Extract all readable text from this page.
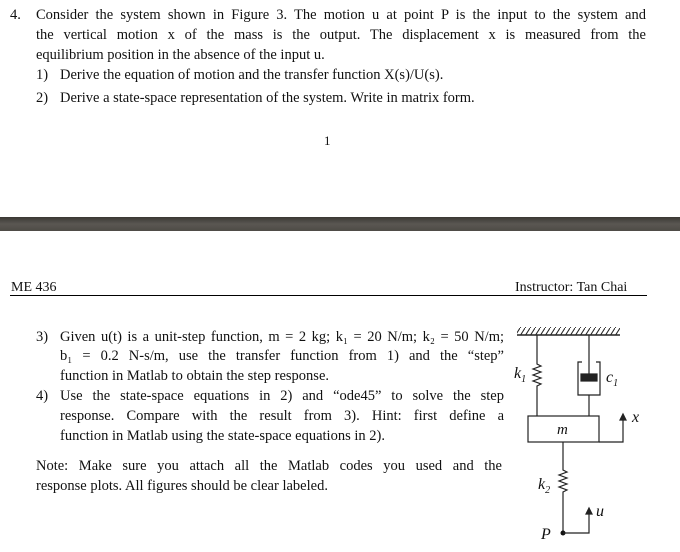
4. Consider the system shown in Figure 3. The motion u at point P is the input to the system and
the vertical motion x of the mass is the output. The displacement x is measured from the
equilibrium position in the absence of the input u.
1) Derive the equation of motion and the transfer function X(s)/U(s).
2) Derive a state-space representation of the system. Write in matrix form.
1
ME 436	Instructor: Tan Chai
3) Given u(t) is a unit-step function, m = 2 kg; k₁ = 20 N/m; k₂ = 50 N/m;
b₁ = 0.2 N-s/m, use the transfer function from 1) and the “step”
function in Matlab to obtain the step response.
4) Use the state-space equations in 2) and “ode45” to solve the step
response. Compare with the result from 3). Hint: first define a
function in Matlab using the state-space equations in 2).
Note: Make sure you attach all the Matlab codes you used and the
response plots. All figures should be clear labeled.
$k_1$	$c_1$
m
x
$k_2$
u
P
